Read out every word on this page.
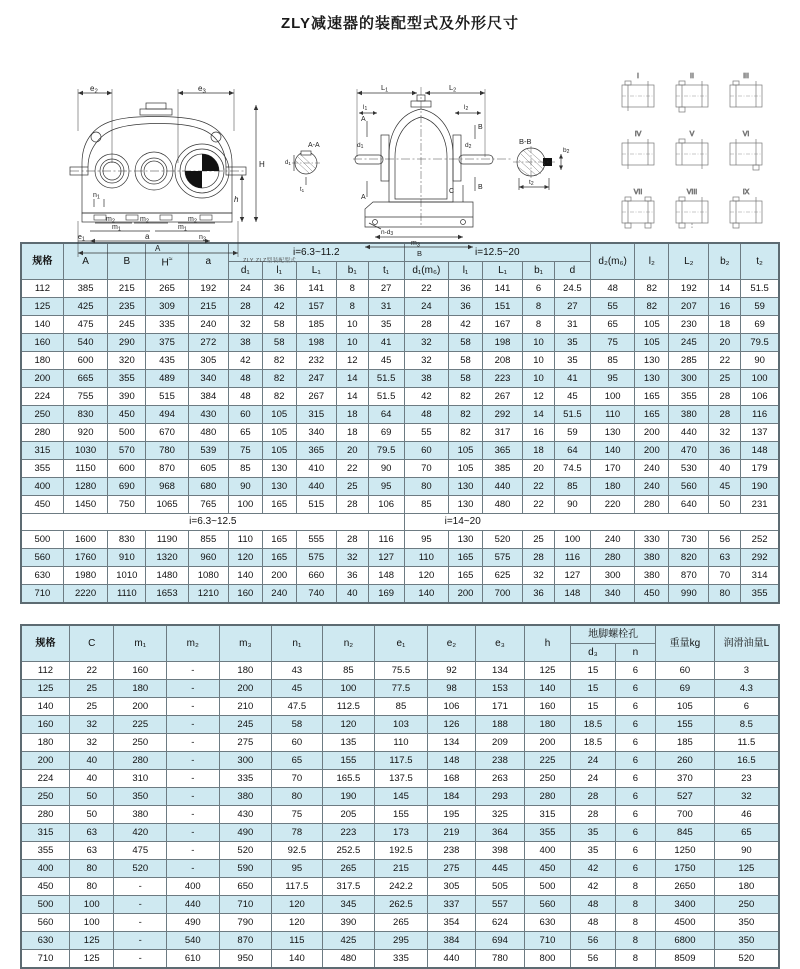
ZLY减速器的装配型式及外形尺寸
$e_2$	$e_3$
H
h
$n_1$
$n_2$
$m_1$	$m_1$
$m_2$	$m_2$	$m_2$
$e_1$	a
A
A-A
d1
t1
$L_1$	$L_2$
l1	l2
d1	d2
A
A
B
B
C
n-d3
$m_3$
B
B-B
b2
t2
I	II	III
IV	V	VI
VII	VIII	IX
ZLY ZLZ型装配型式
规格	A	B	H≈	a	i=6.3~11.2					i=12.5~20					d₂(m₆)	l₂	L₂	b₂	t₂
					d₁	l₁	L₁	b₁	t₁	d₁(m₆)	l₁	L₁	b₁	d					
112	385	215	265	192	24	36	141	8	27	22	36	141	6	24.5	48	82	192	14	51.5
125	425	235	309	215	28	42	157	8	31	24	36	151	8	27	55	82	207	16	59
140	475	245	335	240	32	58	185	10	35	28	42	167	8	31	65	105	230	18	69
160	540	290	375	272	38	58	198	10	41	32	58	198	10	35	75	105	245	20	79.5
180	600	320	435	305	42	82	232	12	45	32	58	208	10	35	85	130	285	22	90
200	665	355	489	340	48	82	247	14	51.5	38	58	223	10	41	95	130	300	25	100
224	755	390	515	384	48	82	267	14	51.5	42	82	267	12	45	100	165	355	28	106
250	830	450	494	430	60	105	315	18	64	48	82	292	14	51.5	110	165	380	28	116
280	920	500	670	480	65	105	340	18	69	55	82	317	16	59	130	200	440	32	137
315	1030	570	780	539	75	105	365	20	79.5	60	105	365	18	64	140	200	470	36	148
355	1150	600	870	605	85	130	410	22	90	70	105	385	20	74.5	170	240	530	40	179
400	1280	690	968	680	90	130	440	25	95	80	130	440	22	85	180	240	560	45	190
450	1450	750	1065	765	100	165	515	28	106	85	130	480	22	90	220	280	640	50	231
i=6.3~12.5										i=14~20									
500	1600	830	1190	855	110	165	555	28	116	95	130	520	25	100	240	330	730	56	252
560	1760	910	1320	960	120	165	575	32	127	110	165	575	28	116	280	380	820	63	292
630	1980	1010	1480	1080	140	200	660	36	148	120	165	625	32	127	300	380	870	70	314
710	2220	1110	1653	1210	160	240	740	40	169	140	200	700	36	148	340	450	990	80	355
规格	C	m₁	m₂	m₃	n₁	n₂	e₁	e₂	e₃	h	地脚螺栓孔		重量kg	润滑油量L
											d₃	n		
112	22	160	-	180	43	85	75.5	92	134	125	15	6	60	3
125	25	180	-	200	45	100	77.5	98	153	140	15	6	69	4.3
140	25	200	-	210	47.5	112.5	85	106	171	160	15	6	105	6
160	32	225	-	245	58	120	103	126	188	180	18.5	6	155	8.5
180	32	250	-	275	60	135	110	134	209	200	18.5	6	185	11.5
200	40	280	-	300	65	155	117.5	148	238	225	24	6	260	16.5
224	40	310	-	335	70	165.5	137.5	168	263	250	24	6	370	23
250	50	350	-	380	80	190	145	184	293	280	28	6	527	32
280	50	380	-	430	75	205	155	195	325	315	28	6	700	46
315	63	420	-	490	78	223	173	219	364	355	35	6	845	65
355	63	475	-	520	92.5	252.5	192.5	238	398	400	35	6	1250	90
400	80	520	-	590	95	265	215	275	445	450	42	6	1750	125
450	80	-	400	650	117.5	317.5	242.2	305	505	500	42	8	2650	180
500	100	-	440	710	120	345	262.5	337	557	560	48	8	3400	250
560	100	-	490	790	120	390	265	354	624	630	48	8	4500	350
630	125	-	540	870	115	425	295	384	694	710	56	8	6800	350
710	125	-	610	950	140	480	335	440	780	800	56	8	8509	520
